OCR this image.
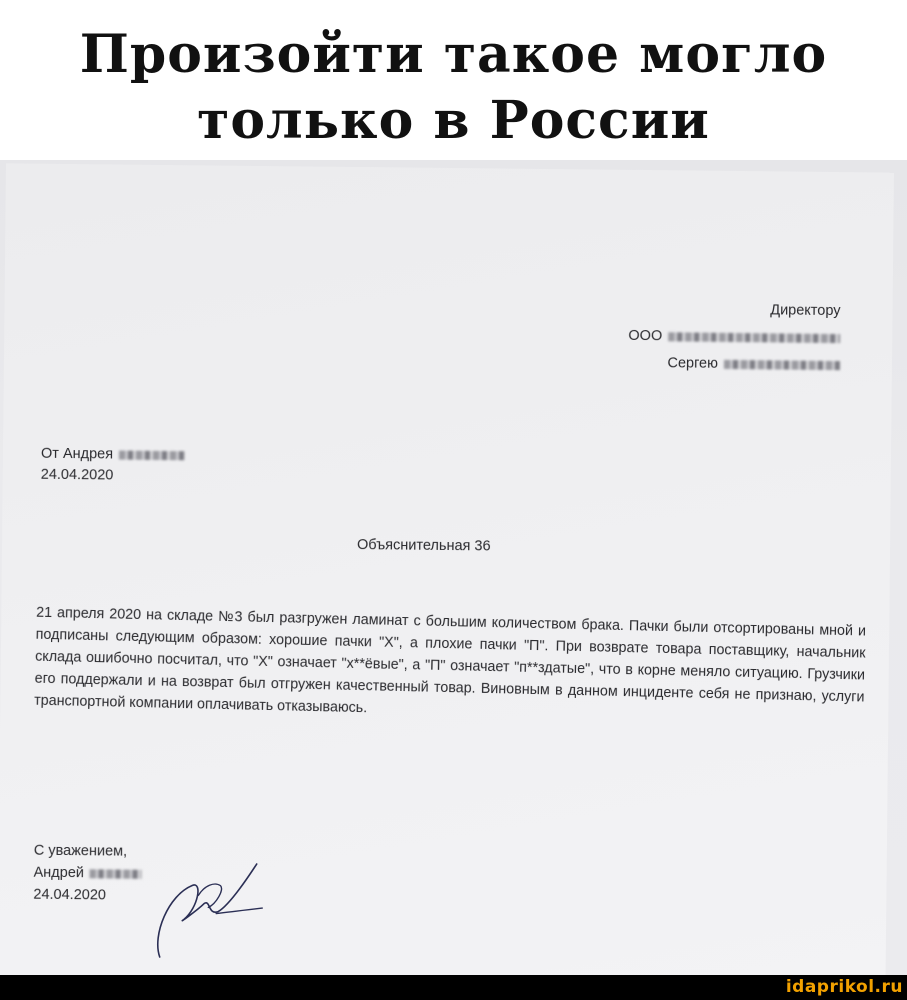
Произойти такое могло
только в России
Директору
ООО
Сергею
От Андрея
24.04.2020
Объяснительная 36
21 апреля 2020 на складе №3 был разгружен ламинат с большим количеством брака. Пачки были отсортированы мной и подписаны следующим образом: хорошие пачки "Х", а плохие пачки "П". При возврате товара поставщику, начальник склада ошибочно посчитал, что "Х" означает "х**ёвые", а "П" означает "п**здатые", что в корне меняло ситуацию. Грузчики его поддержали и на возврат был отгружен качественный товар. Виновным в данном инциденте себя не признаю, услуги транспортной компании оплачивать отказываюсь.
С уважением,
Андрей
24.04.2020
idaprikol.ru
